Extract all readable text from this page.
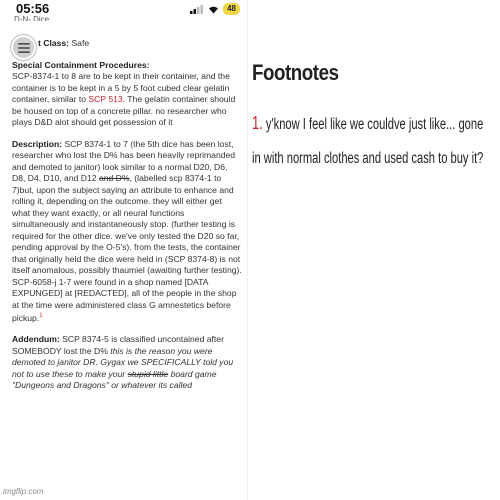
05:56	48
D-N- Dice

t Class: Safe

Special Containment Procedures:
SCP-8374-1 to 8 are to be kept in their container, and the container is to be kept in a 5 by 5 foot cubed clear gelatin container, similar to SCP 513. The gelatin container should be housed on top of a concrete pillar. no researcher who plays D&D alot should get possession of it

Description: SCP 8374-1 to 7 (the 5th dice has been lost, researcher who lost the D% has been heavily reprimanded and demoted to janitor) look similar to a normal D20, D6, D8, D4, D10, and D12 and D%, (labelled scp 8374-1 to 7)but, upon the subject saying an attribute to enhance and rolling it, depending on the outcome. they will either get what they want exactly, or all neural functions simultaneously and instantaneously stop. (further testing is required for the other dice. we've only tested the D20 so far, pending approval by the O-5's). from the tests, the container that originally held the dice were held in (SCP 8374-8) is not itself anomalous, possibly thaumiel (awaiting further testing). SCP-6058-j 1-7 were found in a shop named [DATA EXPUNGED] at [REDACTED], all of the people in the shop at the time were administered class G amnestetics before pickup.$^1$

Addendum: SCP 8374-5 is classified uncontained after SOMEBODY lost the D% this is the reason you were demoted to janitor DR. Gygax we SPECIFICALLY told you not to use these to make your stupid little board game "Dungeons and Dragons" or whatever its called

imgflip.com
Footnotes
1. y'know I feel like we couldve just like... gone in with normal clothes and used cash to buy it?
